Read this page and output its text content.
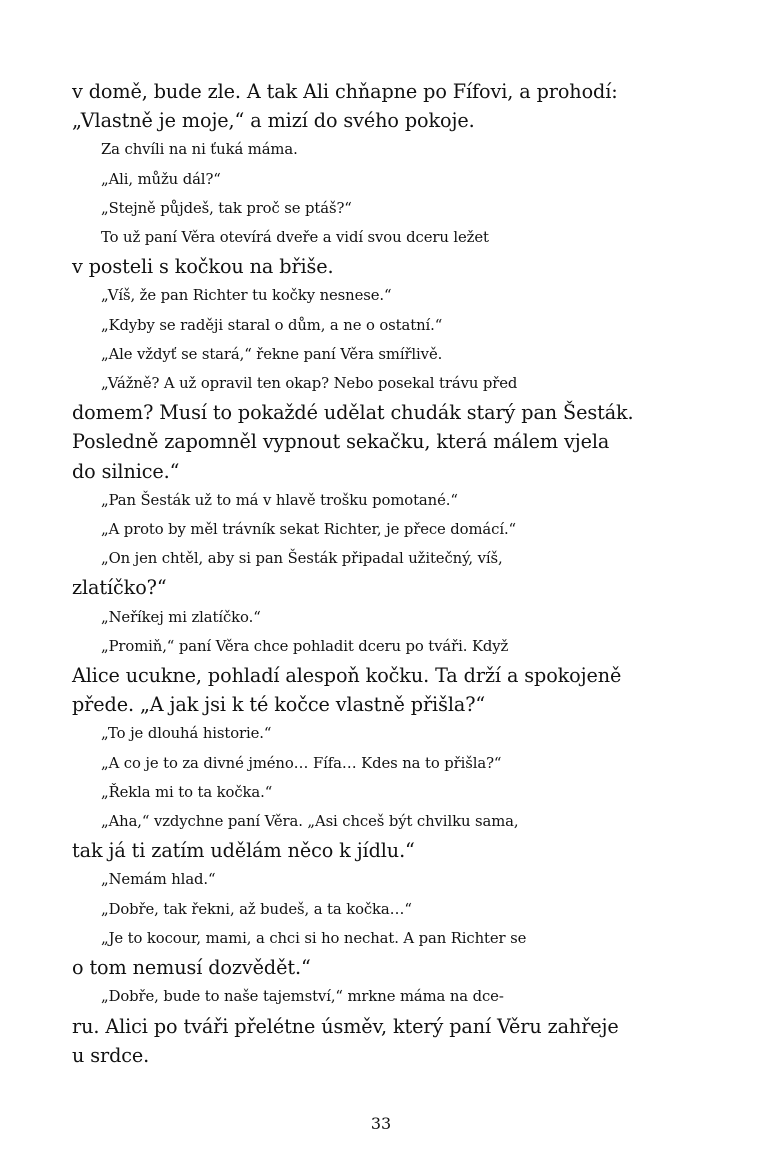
v domě, bude zle. A tak Ali chňapne po Fífovi, a prohodí:
„Vlastně je moje,“ a mizí do svého pokoje.

Za chvíli na ni ťuká máma.

„Ali, můžu dál?“

„Stejně půjdeš, tak proč se ptáš?“

To už paní Věra otevírá dveře a vidí svou dceru ležet
v posteli s kočkou na břiše.

„Víš, že pan Richter tu kočky nesnese.“

„Kdyby se raději staral o dům, a ne o ostatní.“

„Ale vždyť se stará,“ řekne paní Věra smířlivě.

„Vážně? A už opravil ten okap? Nebo posekal trávu před
domem? Musí to pokaždé udělat chudák starý pan Šesták.
Posledně zapomněl vypnout sekačku, která málem vjela
do silnice.“

„Pan Šesták už to má v hlavě trošku pomotané.“

„A proto by měl trávník sekat Richter, je přece domácí.“

„On jen chtěl, aby si pan Šesták připadal užitečný, víš,
zlatíčko?“

„Neříkej mi zlatíčko.“

„Promiň,“ paní Věra chce pohladit dceru po tváři. Když
Alice ucukne, pohladí alespoň kočku. Ta drží a spokojeně
přede. „A jak jsi k té kočce vlastně přišla?“

„To je dlouhá historie.“

„A co je to za divné jméno… Fífa… Kdes na to přišla?“

„Řekla mi to ta kočka.“

„Aha,“ vzdychne paní Věra. „Asi chceš být chvilku sama,
tak já ti zatím udělám něco k jídlu.“

„Nemám hlad.“

„Dobře, tak řekni, až budeš, a ta kočka…“

„Je to kocour, mami, a chci si ho nechat. A pan Richter se
o tom nemusí dozvědět.“

„Dobře, bude to naše tajemství,“ mrkne máma na dce-
ru. Alici po tváři přelétne úsměv, který paní Věru zahřeje
u srdce.

33
